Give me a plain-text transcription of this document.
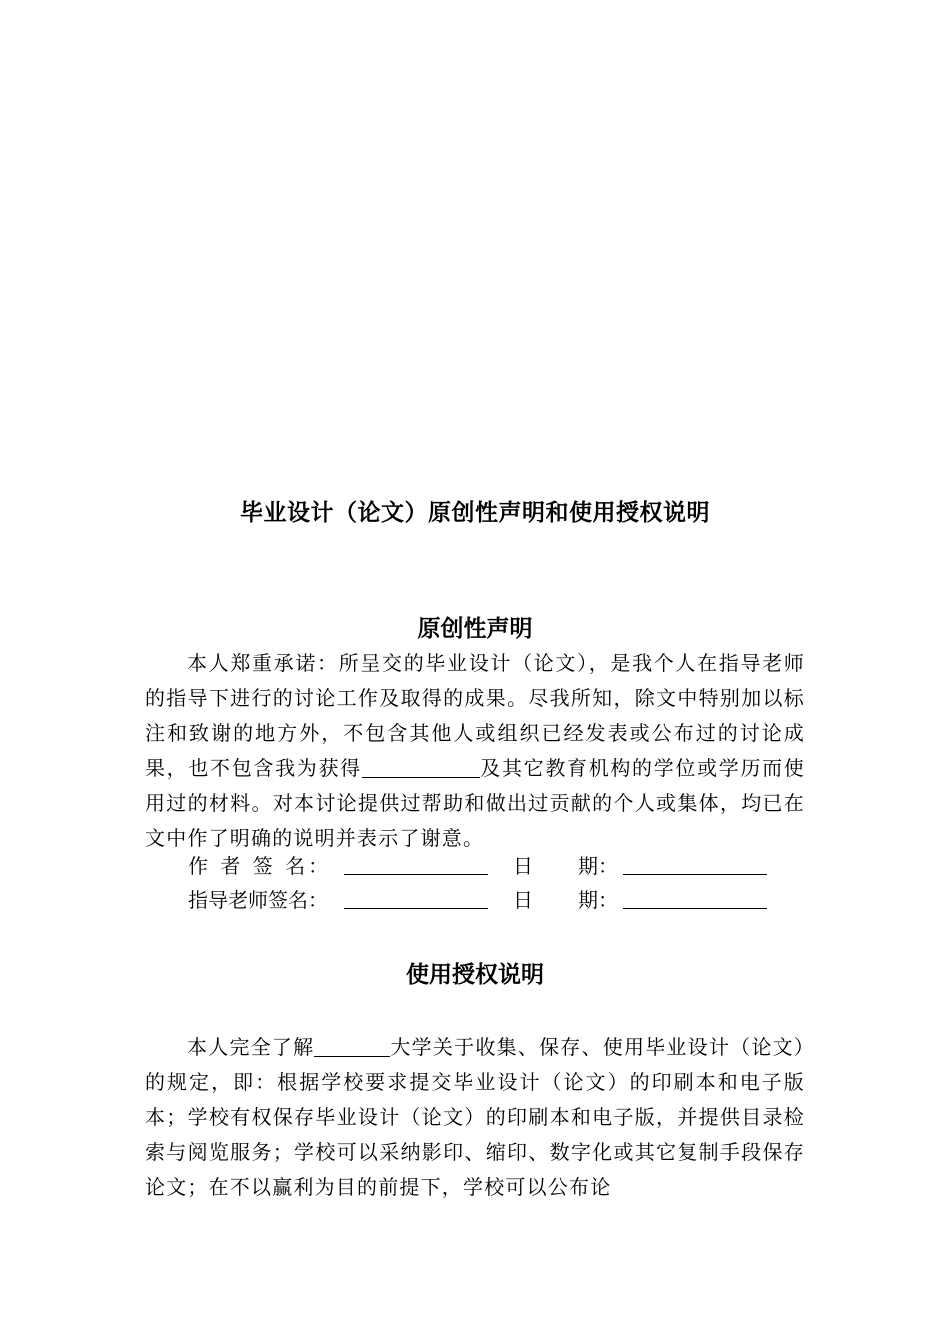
毕业设计（论文）原创性声明和使用授权说明
原创性声明

本人郑重承诺：所呈交的毕业设计（论文），是我个人在指导老师的指导下进行的讨论工作及取得的成果。尽我所知，除文中特别加以标注和致谢的地方外，不包含其他人或组织已经发表或公布过的讨论成果，也不包含我为获得	及其它教育机构的学位或学历而使用过的材料。对本讨论提供过帮助和做出过贡献的个人或集体，均已在文中作了明确的说明并表示了谢意。

作 者 签 名：	日 期：
指导老师签名：	日 期：
使用授权说明

本人完全了解	大学关于收集、保存、使用毕业设计（论文）的规定，即：根据学校要求提交毕业设计（论文）的印刷本和电子版本；学校有权保存毕业设计（论文）的印刷本和电子版，并提供目录检索与阅览服务；学校可以采纳影印、缩印、数字化或其它复制手段保存论文；在不以赢利为目的前提下，学校可以公布论
